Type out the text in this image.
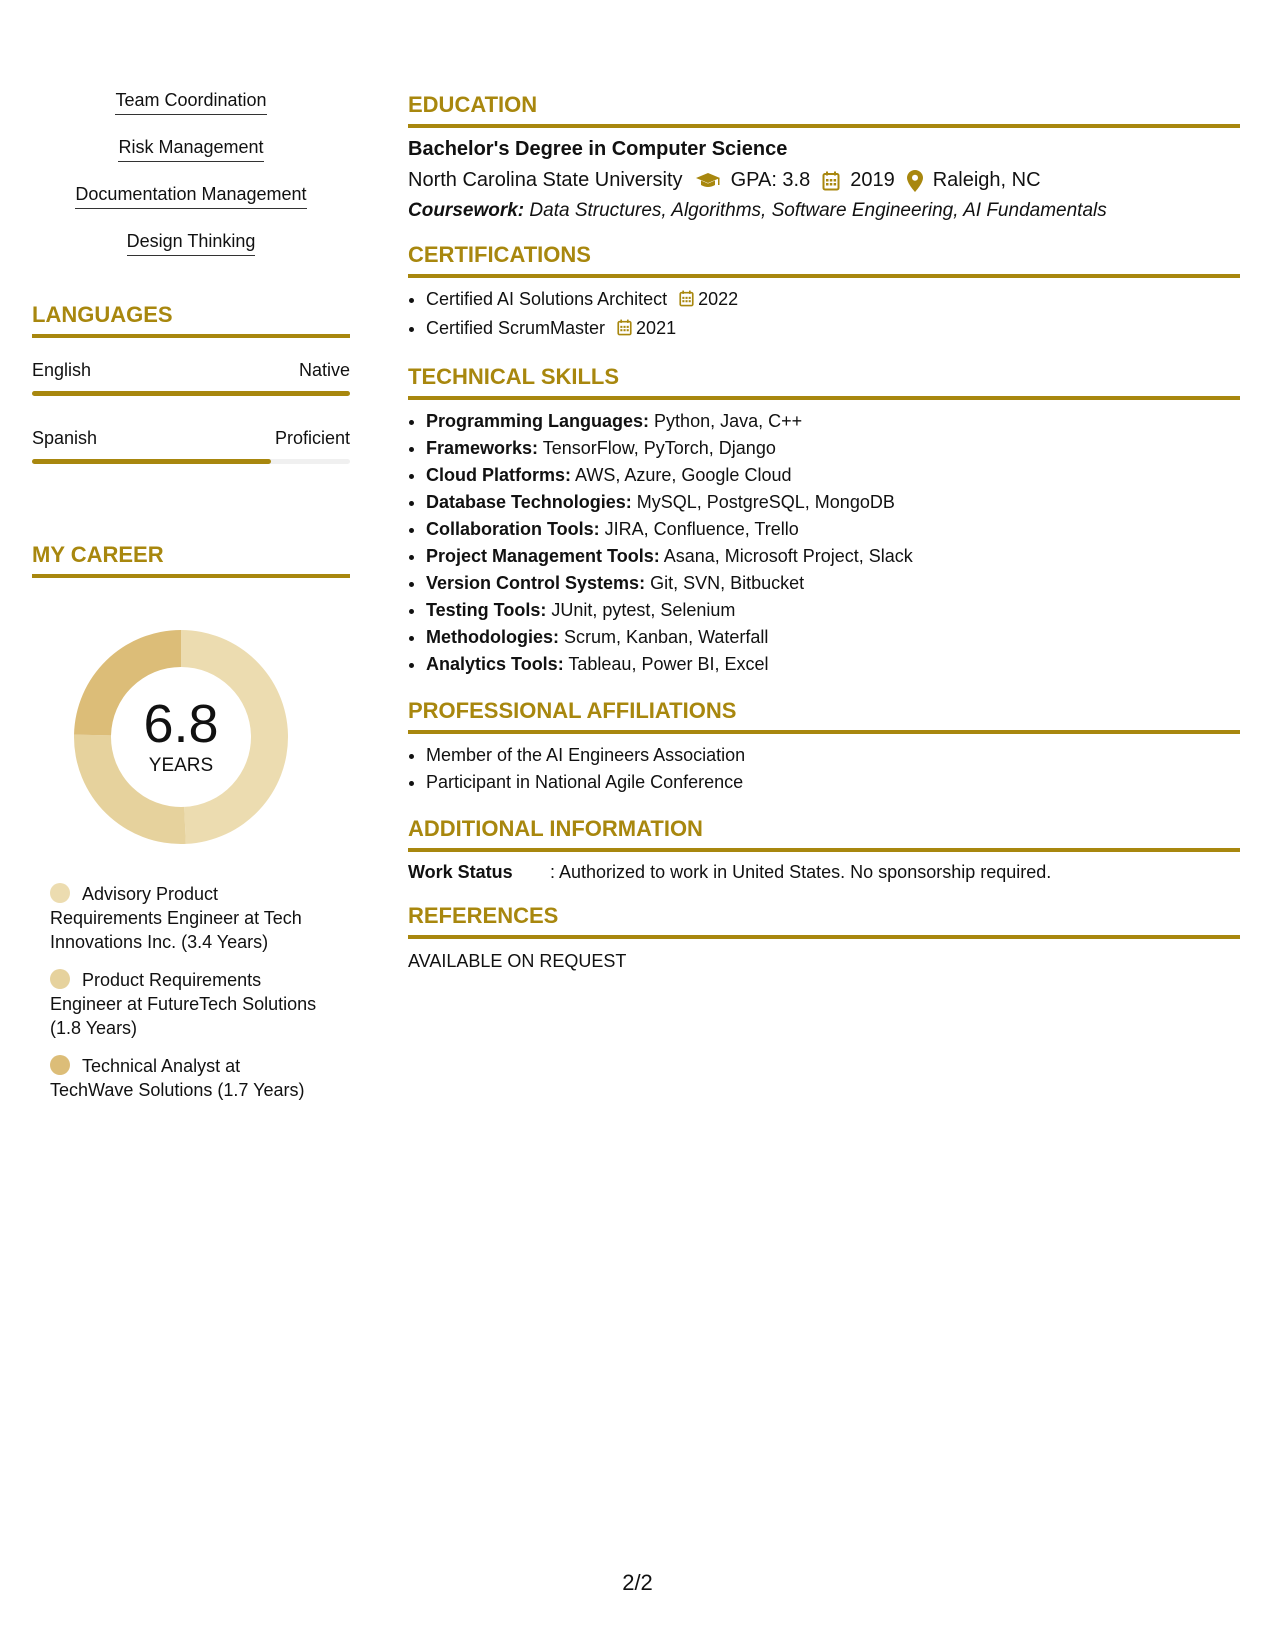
Team Coordination
Risk Management
Documentation Management
Design Thinking
LANGUAGES
English	Native
Spanish	Proficient
MY CAREER
6.8
YEARS
Advisory Product Requirements Engineer at Tech Innovations Inc. (3.4 Years)
Product Requirements Engineer at FutureTech Solutions (1.8 Years)
Technical Analyst at TechWave Solutions (1.7 Years)
EDUCATION
Bachelor's Degree in Computer Science
North Carolina State University GPA: 3.8 2019 Raleigh, NC
Coursework: Data Structures, Algorithms, Software Engineering, AI Fundamentals
CERTIFICATIONS
• Certified AI Solutions Architect 2022
• Certified ScrumMaster 2021
TECHNICAL SKILLS
• Programming Languages: Python, Java, C++
• Frameworks: TensorFlow, PyTorch, Django
• Cloud Platforms: AWS, Azure, Google Cloud
• Database Technologies: MySQL, PostgreSQL, MongoDB
• Collaboration Tools: JIRA, Confluence, Trello
• Project Management Tools: Asana, Microsoft Project, Slack
• Version Control Systems: Git, SVN, Bitbucket
• Testing Tools: JUnit, pytest, Selenium
• Methodologies: Scrum, Kanban, Waterfall
• Analytics Tools: Tableau, Power BI, Excel
PROFESSIONAL AFFILIATIONS
• Member of the AI Engineers Association
• Participant in National Agile Conference
ADDITIONAL INFORMATION
Work Status	: Authorized to work in United States. No sponsorship required.
REFERENCES
AVAILABLE ON REQUEST
2/2
